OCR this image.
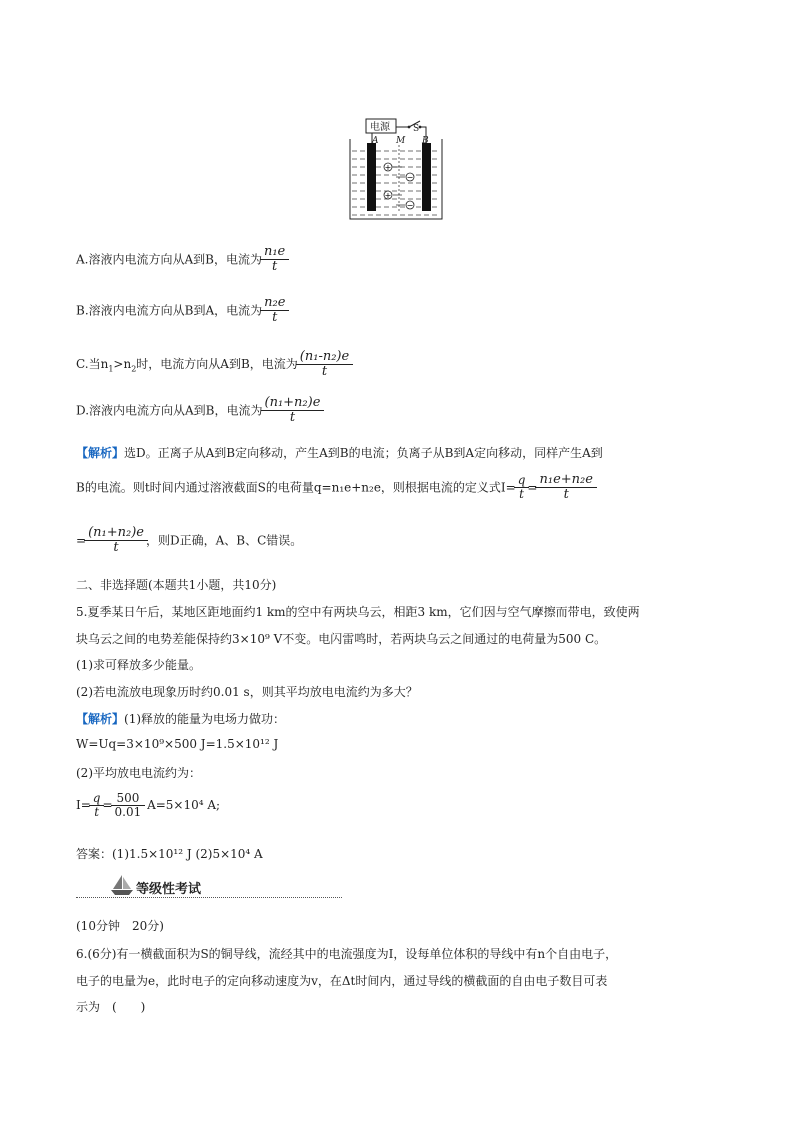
+
−
+
−
电源	S
A M B
A.溶液内电流方向从A到B，电流为 $\frac{\text{n₁e}}{t}$
B.溶液内电流方向从B到A，电流为 $\frac{\text{n₂e}}{t}$
C.当$n_1>n_2$时，电流方向从A到B，电流为 $\frac{\text{(n₁-n₂)e}}{t}$
D.溶液内电流方向从A到B，电流为 $\frac{\text{(n₁+n₂)e}}{t}$
【解析】选D。正离子从A到B定向移动，产生A到B的电流；负离子从B到A定向移动，同样产生A到
B的电流。则t时间内通过溶液截面S的电荷量q=n₁e+n₂e，则根据电流的定义式$I= \frac{q}{t} = \frac{\text{n₁e+n₂e}}{t}$
= $\frac{\text{(n₁+n₂)e}}{t}$ ，则D正确，A、B、C错误。
二、非选择题(本题共1小题，共10分)
5.夏季某日午后，某地区距地面约1 km的空中有两块乌云，相距3 km，它们因与空气摩擦而带电，致使两
块乌云之间的电势差能保持约3×10⁹ V不变。电闪雷鸣时，若两块乌云之间通过的电荷量为500 C。
(1)求可释放多少能量。
(2)若电流放电现象历时约0.01 s，则其平均放电电流约为多大？
【解析】(1)释放的能量为电场力做功：
W=Uq=3×10⁹×500 J=1.5×10¹² J
(2)平均放电电流约为：
$I= \frac{q}{t} = \frac{500}{0.01} A=5\times 10^4$ A;
答案：(1)1.5×10¹² J (2)5×10⁴ A
等级性考试
(10分钟　20分)
6.(6分)有一横截面积为S的铜导线，流经其中的电流强度为I，设每单位体积的导线中有n个自由电子，
电子的电量为e，此时电子的定向移动速度为v，在Δt时间内，通过导线的横截面的自由电子数目可表
示为　(　　)
